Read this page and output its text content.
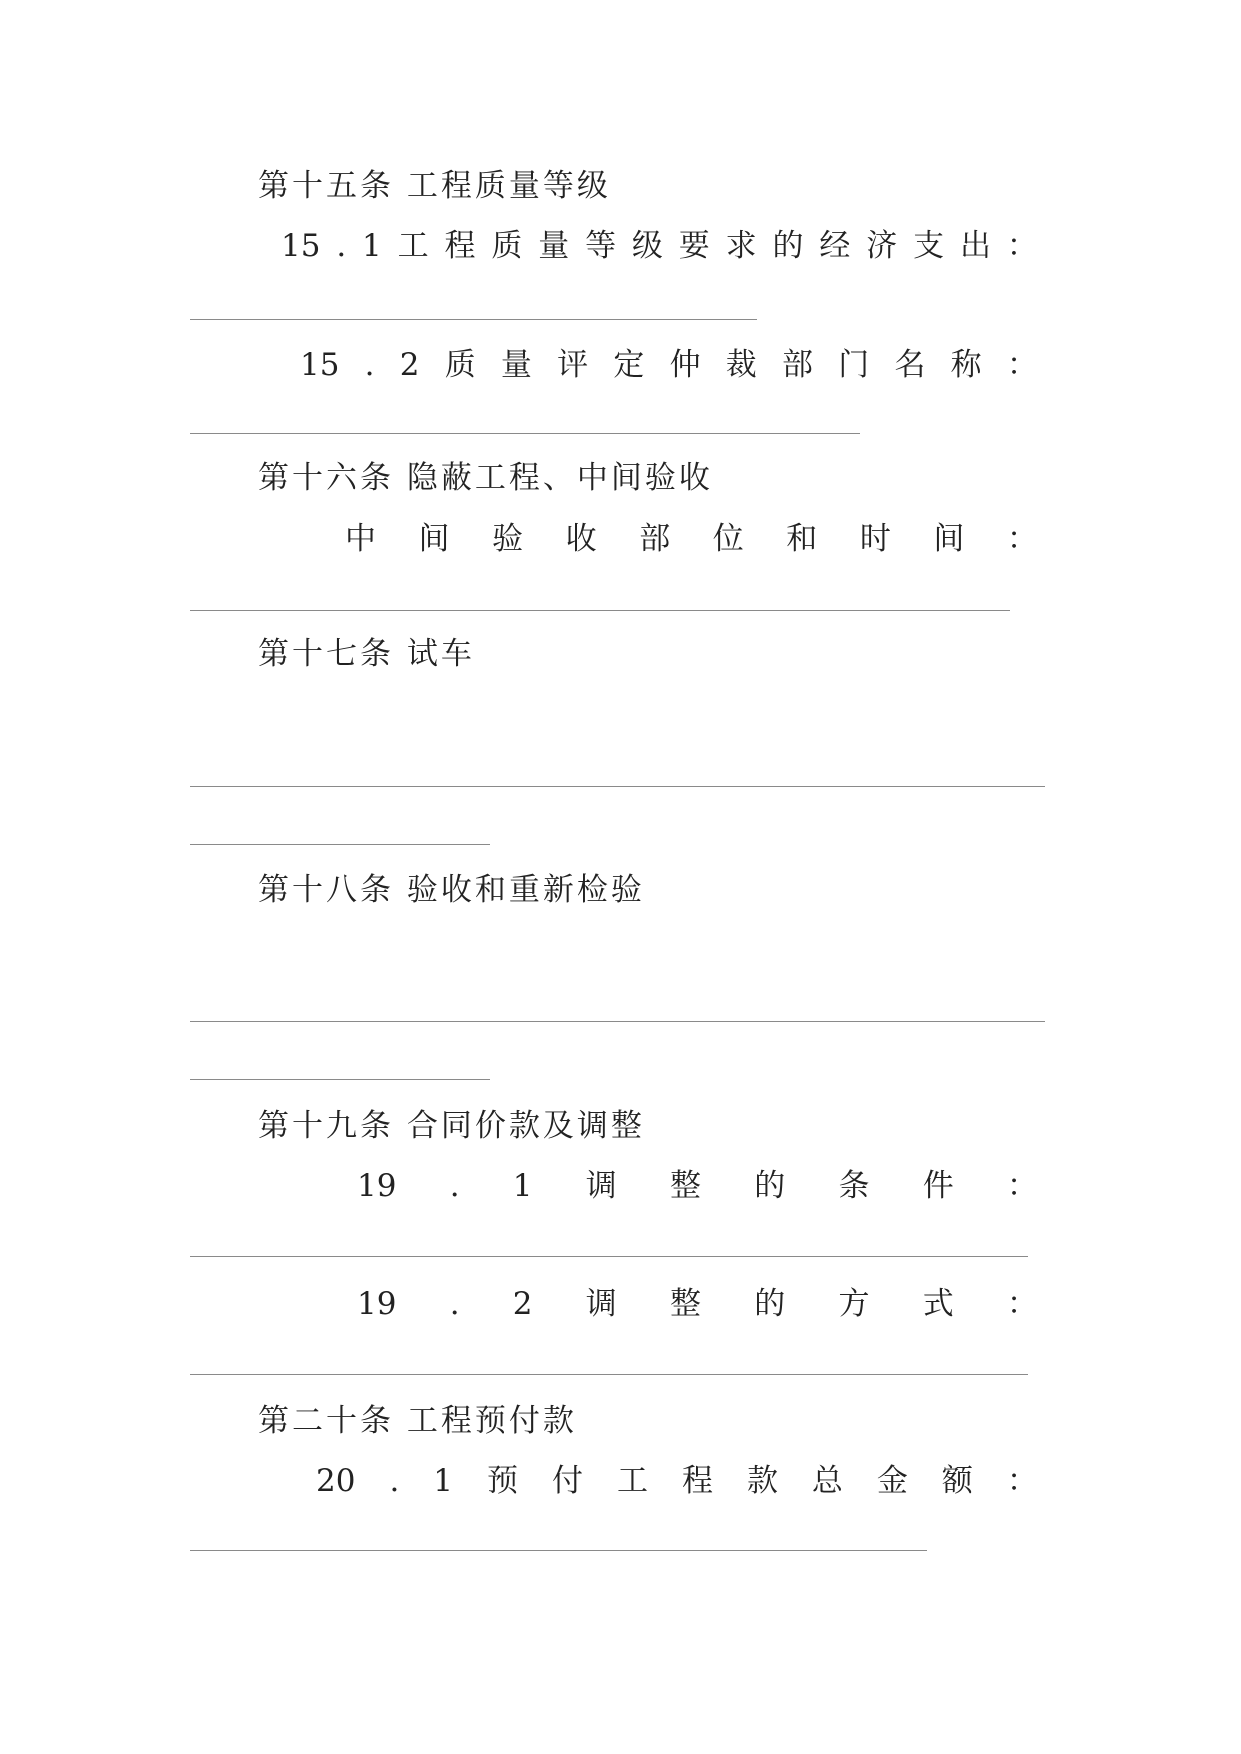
第十五条 工程质量等级
15 . 1 工 程 质 量 等 级 要 求 的 经 济 支 出 ：
15 . 2 质 量 评 定 仲 裁 部 门 名 称 ：
第十六条 隐蔽工程、中间验收
中 间 验 收 部 位 和 时 间 ：
第十七条 试车
第十八条 验收和重新检验
第十九条 合同价款及调整
19 . 1 调 整 的 条 件 ：
19 . 2 调 整 的 方 式 ：
第二十条 工程预付款
20 . 1 预 付 工 程 款 总 金 额 ：
